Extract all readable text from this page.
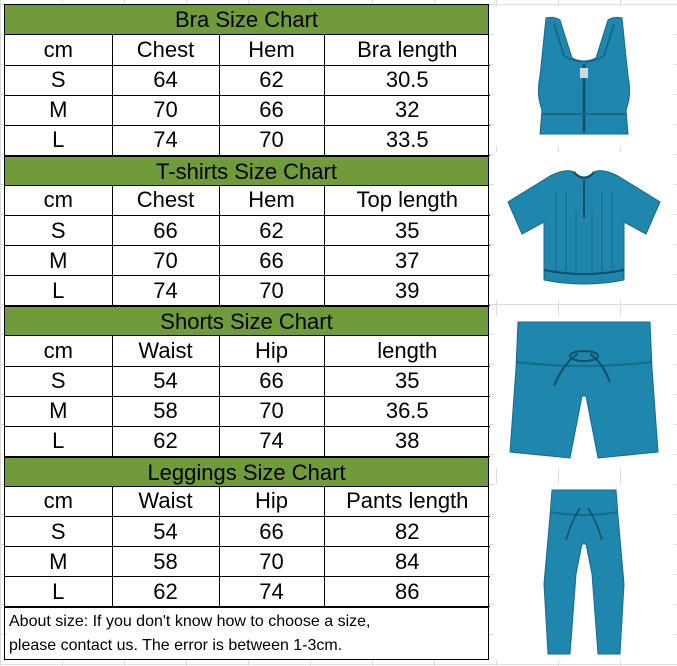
Bra Size Chart
cm	Chest	Hem	Bra length
S	64	62	30.5
M	70	66	32
L	74	70	33.5
T-shirts Size Chart
cm	Chest	Hem	Top length
S	66	62	35
M	70	66	37
L	74	70	39
Shorts Size Chart
cm	Waist	Hip	length
S	54	66	35
M	58	70	36.5
L	62	74	38
Leggings Size Chart
cm	Waist	Hip	Pants length
S	54	66	82
M	58	70	84
L	62	74	86
About size: If you don't know how to choose a size,
please contact us. The error is between 1-3cm.
